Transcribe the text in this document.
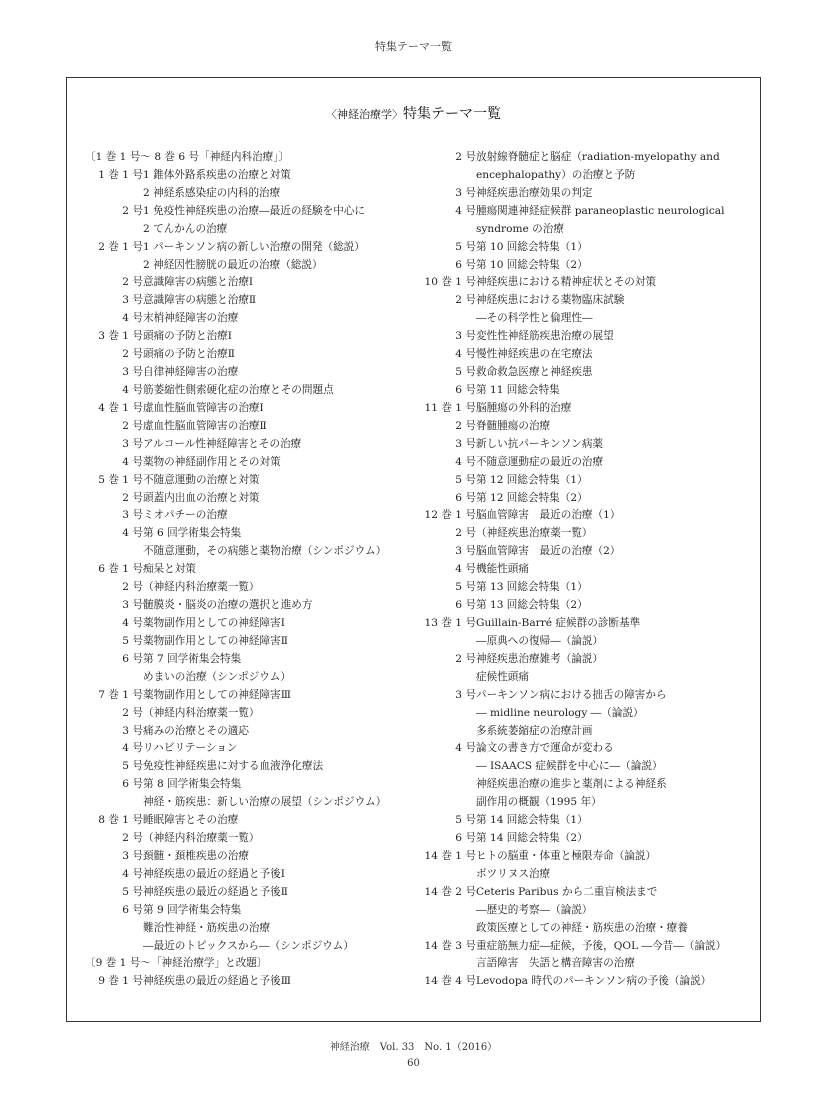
特集テーマ一覧
〈神経治療学〉特集テーマ一覧
〔1 巻 1 号～ 8 巻 6 号「神経内科治療」〕
1 巻 1 号 1 錐体外路系疾患の治療と対策
2 神経系感染症の内科的治療
2 号 1 免疫性神経疾患の治療―最近の経験を中心に
2 てんかんの治療
2 巻 1 号 1 パーキンソン病の新しい治療の開発（総説）
2 神経因性膀胱の最近の治療（総説）
2 号 意識障害の病態と治療Ⅰ
3 号 意識障害の病態と治療Ⅱ
4 号 末梢神経障害の治療
3 巻 1 号 頭痛の予防と治療Ⅰ
2 号 頭痛の予防と治療Ⅱ
3 号 自律神経障害の治療
4 号 筋萎縮性側索硬化症の治療とその問題点
4 巻 1 号 虚血性脳血管障害の治療Ⅰ
2 号 虚血性脳血管障害の治療Ⅱ
3 号 アルコール性神経障害とその治療
4 号 薬物の神経副作用とその対策
5 巻 1 号 不随意運動の治療と対策
2 号 頭蓋内出血の治療と対策
3 号 ミオパチーの治療
4 号 第 6 回学術集会特集
不随意運動，その病態と薬物治療（シンポジウム）
6 巻 1 号 痴呆と対策
2 号 （神経内科治療薬一覧）
3 号 髄膜炎・脳炎の治療の選択と進め方
4 号 薬物副作用としての神経障害Ⅰ
5 号 薬物副作用としての神経障害Ⅱ
6 号 第 7 回学術集会特集
めまいの治療（シンポジウム）
7 巻 1 号 薬物副作用としての神経障害Ⅲ
2 号 （神経内科治療薬一覧）
3 号 痛みの治療とその適応
4 号 リハビリテーション
5 号 免疫性神経疾患に対する血液浄化療法
6 号 第 8 回学術集会特集
神経・筋疾患：新しい治療の展望（シンポジウム）
8 巻 1 号 睡眠障害とその治療
2 号 （神経内科治療薬一覧）
3 号 頚髄・頚椎疾患の治療
4 号 神経疾患の最近の経過と予後Ⅰ
5 号 神経疾患の最近の経過と予後Ⅱ
6 号 第 9 回学術集会特集
難治性神経・筋疾患の治療
―最近のトピックスから―（シンポジウム）
〔9 巻 1 号～「神経治療学」と改題〕
9 巻 1 号 神経疾患の最近の経過と予後Ⅲ
2 号 放射線脊髄症と脳症（radiation-myelopathy and
encephalopathy）の治療と予防
3 号 神経疾患治療効果の判定
4 号 腫瘍関連神経症候群 paraneoplastic neurological
syndrome の治療
5 号 第 10 回総会特集（1）
6 号 第 10 回総会特集（2）
10 巻 1 号 神経疾患における精神症状とその対策
2 号 神経疾患における薬物臨床試験
―その科学性と倫理性―
3 号 変性性神経筋疾患治療の展望
4 号 慢性神経疾患の在宅療法
5 号 救命救急医療と神経疾患
6 号 第 11 回総会特集
11 巻 1 号 脳腫瘍の外科的治療
2 号 脊髄腫瘍の治療
3 号 新しい抗パーキンソン病薬
4 号 不随意運動症の最近の治療
5 号 第 12 回総会特集（1）
6 号 第 12 回総会特集（2）
12 巻 1 号 脳血管障害　最近の治療（1）
2 号 （神経疾患治療薬一覧）
3 号 脳血管障害　最近の治療（2）
4 号 機能性頭痛
5 号 第 13 回総会特集（1）
6 号 第 13 回総会特集（2）
13 巻 1 号 Guillain-Barré 症候群の診断基準
―原典への復帰―（論説）
2 号 神経疾患治療雑考（論説）
症候性頭痛
3 号 パーキンソン病における拙舌の障害から
― midline neurology ―（論説）
多系統萎縮症の治療計画
4 号 論文の書き方で運命が変わる
― ISAACS 症候群を中心に―（論説）
神経疾患治療の進歩と薬剤による神経系
副作用の概観（1995 年）
5 号 第 14 回総会特集（1）
6 号 第 14 回総会特集（2）
14 巻 1 号 ヒトの脳重・体重と極限寿命（論説）
ボツリヌス治療
14 巻 2 号 Ceteris Paribus から二重盲検法まで
―歴史的考察―（論説）
政策医療としての神経・筋疾患の治療・療養
14 巻 3 号 重症筋無力症―症候，予後，QOL ―今昔―（論説）
言語障害　失語と構音障害の治療
14 巻 4 号 Levodopa 時代のパーキンソン病の予後（論説）
神経治療　Vol. 33　No. 1（2016）
60
